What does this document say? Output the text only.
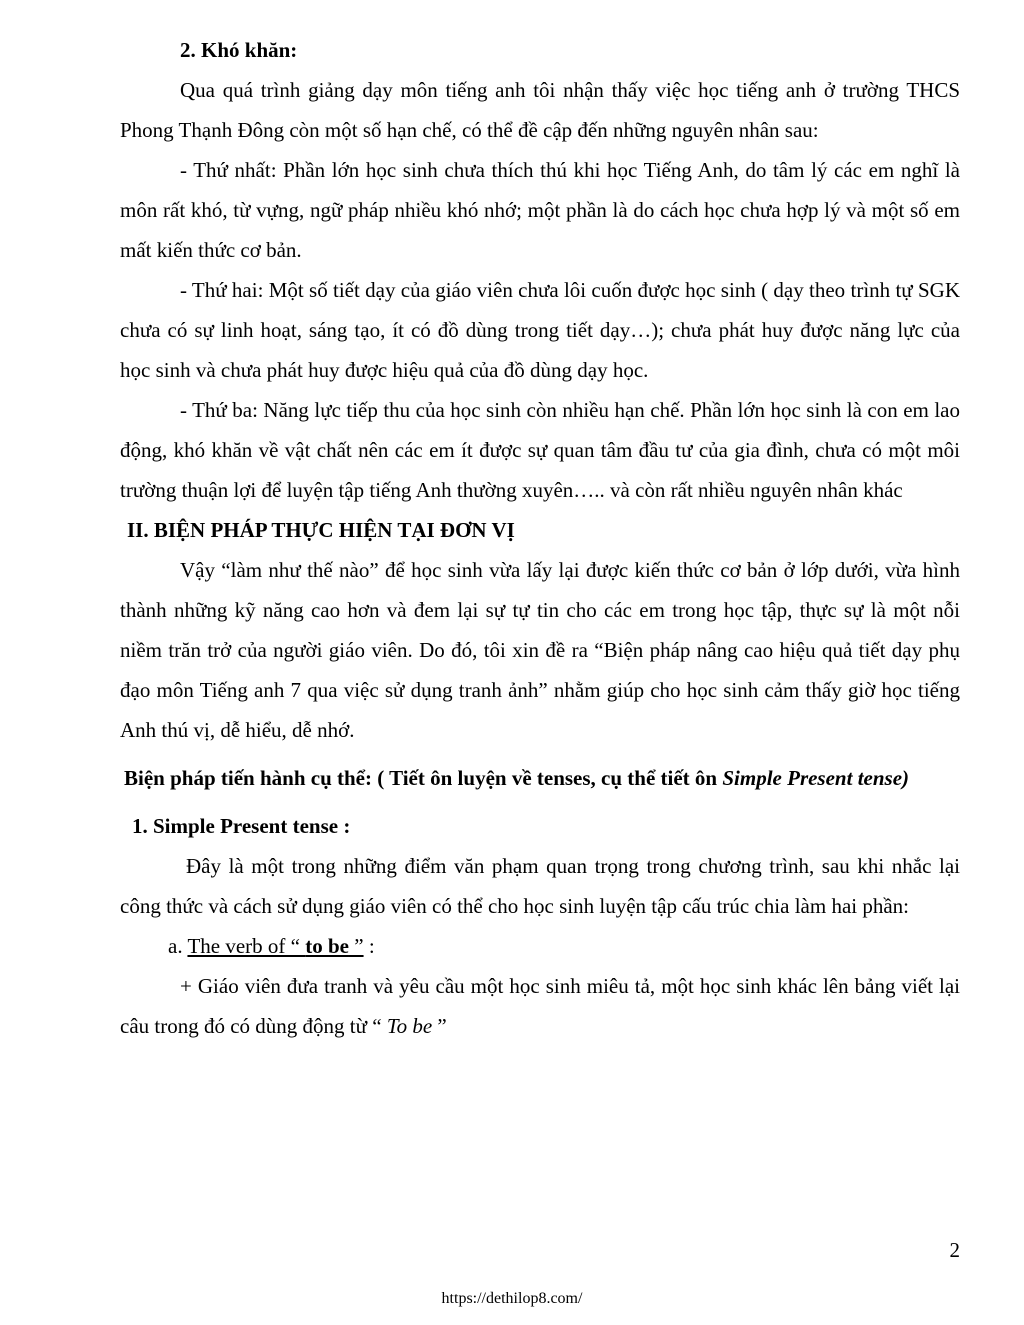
2. Khó khăn:

Qua quá trình giảng dạy môn tiếng anh tôi nhận thấy việc học tiếng anh ở trường THCS Phong Thạnh Đông còn một số hạn chế, có thể đề cập đến những nguyên nhân sau:

- Thứ nhất: Phần lớn học sinh chưa thích thú khi học Tiếng Anh, do tâm lý các em nghĩ là môn rất khó, từ vựng, ngữ pháp nhiều khó nhớ; một phần là do cách học chưa hợp lý và một số em mất kiến thức cơ bản.

- Thứ hai: Một số tiết dạy của giáo viên chưa lôi cuốn được học sinh ( dạy theo trình tự SGK chưa có sự linh hoạt, sáng tạo, ít có đồ dùng trong tiết dạy…); chưa phát huy được năng lực của học sinh và chưa phát huy được hiệu quả của đồ dùng dạy học.

- Thứ ba: Năng lực tiếp thu của học sinh còn nhiều hạn chế. Phần lớn học sinh là con em lao động, khó khăn về vật chất nên các em ít được sự quan tâm đầu tư của gia đình, chưa có một môi trường thuận lợi để luyện tập tiếng Anh thường xuyên….. và còn rất nhiều nguyên nhân khác

II. BIỆN PHÁP THỰC HIỆN TẠI ĐƠN VỊ

Vậy “làm như thế nào” để học sinh vừa lấy lại được kiến thức cơ bản ở lớp dưới, vừa hình thành những kỹ năng cao hơn và đem lại sự tự tin cho các em trong học tập, thực sự là một nỗi niềm trăn trở của người giáo viên. Do đó, tôi xin đề ra “Biện pháp nâng cao hiệu quả tiết dạy phụ đạo môn Tiếng anh 7 qua việc sử dụng tranh ảnh” nhằm giúp cho học sinh cảm thấy giờ học tiếng Anh thú vị, dễ hiểu, dễ nhớ.

Biện pháp tiến hành cụ thể: ( Tiết ôn luyện về tenses, cụ thể tiết ôn Simple Present tense)

1. Simple Present tense :

Đây là một trong những điểm văn phạm quan trọng trong chương trình, sau khi nhắc lại công thức và cách sử dụng giáo viên có thể cho học sinh luyện tập cấu trúc chia làm hai phần:

a. The verb of “ to be ” :

+ Giáo viên đưa tranh và yêu cầu một học sinh miêu tả, một học sinh khác lên bảng viết lại câu trong đó có dùng động từ “ To be ”

2
https://dethilop8.com/
